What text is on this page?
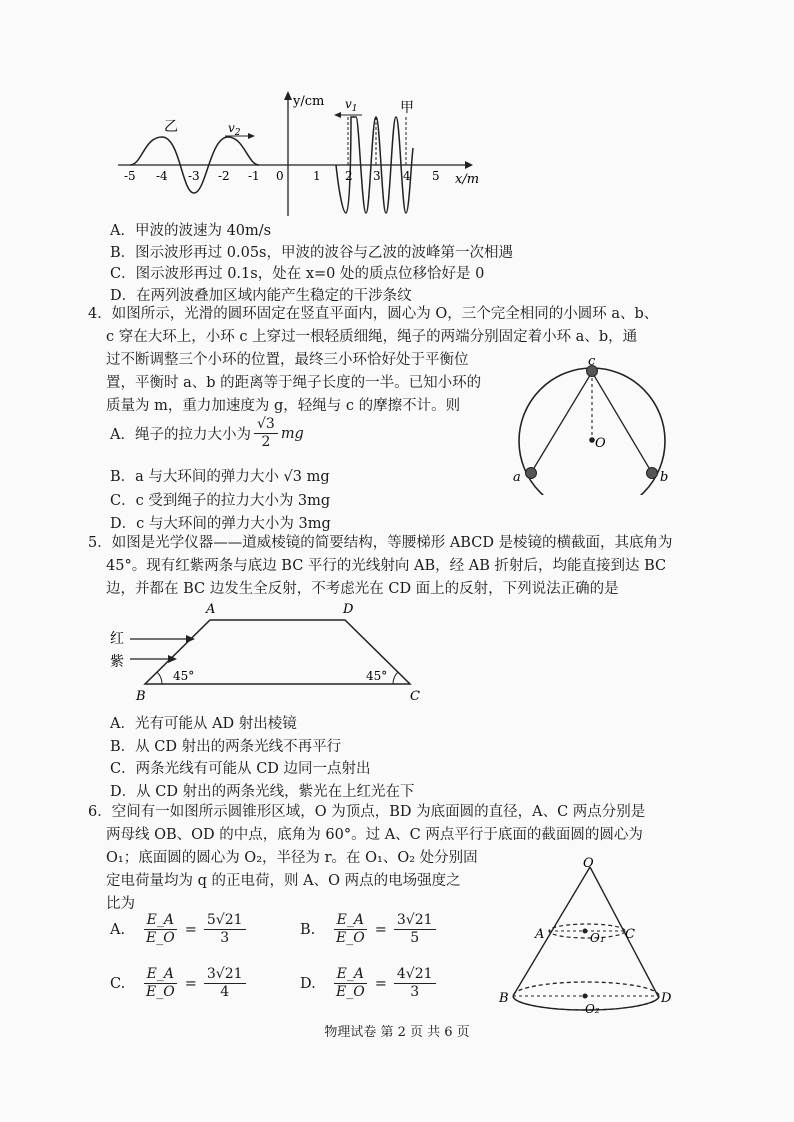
y/cm
x/m
乙	$v_2$
甲
$v_1$
-5 -4 -3 -2 -1 0 1 2 3 4 5
A．甲波的波速为 40m/s
B．图示波形再过 0.05s，甲波的波谷与乙波的波峰第一次相遇
C．图示波形再过 0.1s，处在 x=0 处的质点位移恰好是 0
D．在两列波叠加区域内能产生稳定的干涉条纹
4．如图所示，光滑的圆环固定在竖直平面内，圆心为 O，三个完全相同的小圆环 a、b、
c 穿在大环上，小环 c 上穿过一根轻质细绳，绳子的两端分别固定着小环 a、b，通
过不断调整三个小环的位置，最终三小环恰好处于平衡位
置，平衡时 a、b 的距离等于绳子长度的一半。已知小环的
质量为 m，重力加速度为 g，轻绳与 c 的摩擦不计。则
A．绳子的拉力大小为 $\frac{√3}{2}$ mg
B．a 与大环间的弹力大小 √3 mg
C．c 受到绳子的拉力大小为 3mg
D．c 与大环间的弹力大小为 3mg
c
O
a	b
5．如图是光学仪器——道威棱镜的简要结构，等腰梯形 ABCD 是棱镜的横截面，其底角为
45°。现有红紫两条与底边 BC 平行的光线射向 AB，经 AB 折射后，均能直接到达 BC
边，并都在 BC 边发生全反射，不考虑光在 CD 面上的反射，下列说法正确的是
A	D
B	C
红
紫
45°	45°
A．光有可能从 AD 射出棱镜
B．从 CD 射出的两条光线不再平行
C．两条光线有可能从 CD 边同一点射出
D．从 CD 射出的两条光线，紫光在上红光在下
6．空间有一如图所示圆锥形区域，O 为顶点，BD 为底面圆的直径，A、C 两点分别是
两母线 OB、OD 的中点，底角为 60°。过 A、C 两点平行于底面的截面圆的圆心为
O₁；底面圆的圆心为 O₂，半径为 r。在 O₁、O₂ 处分别固
定电荷量均为 q 的正电荷，则 A、O 两点的电场强度之
比为
A.	$\frac{E\_A}{E\_O} = \frac{5√21}{3}$	B.	$\frac{E\_A}{E\_O} = \frac{3√21}{5}$
C.	$\frac{E\_A}{E\_O} = \frac{3√21}{4}$	D.	$\frac{E\_A}{E\_O} = \frac{4√21}{3}$
O
A	C
O₁
B	D
O₂
物理试卷 第 2 页 共 6 页
